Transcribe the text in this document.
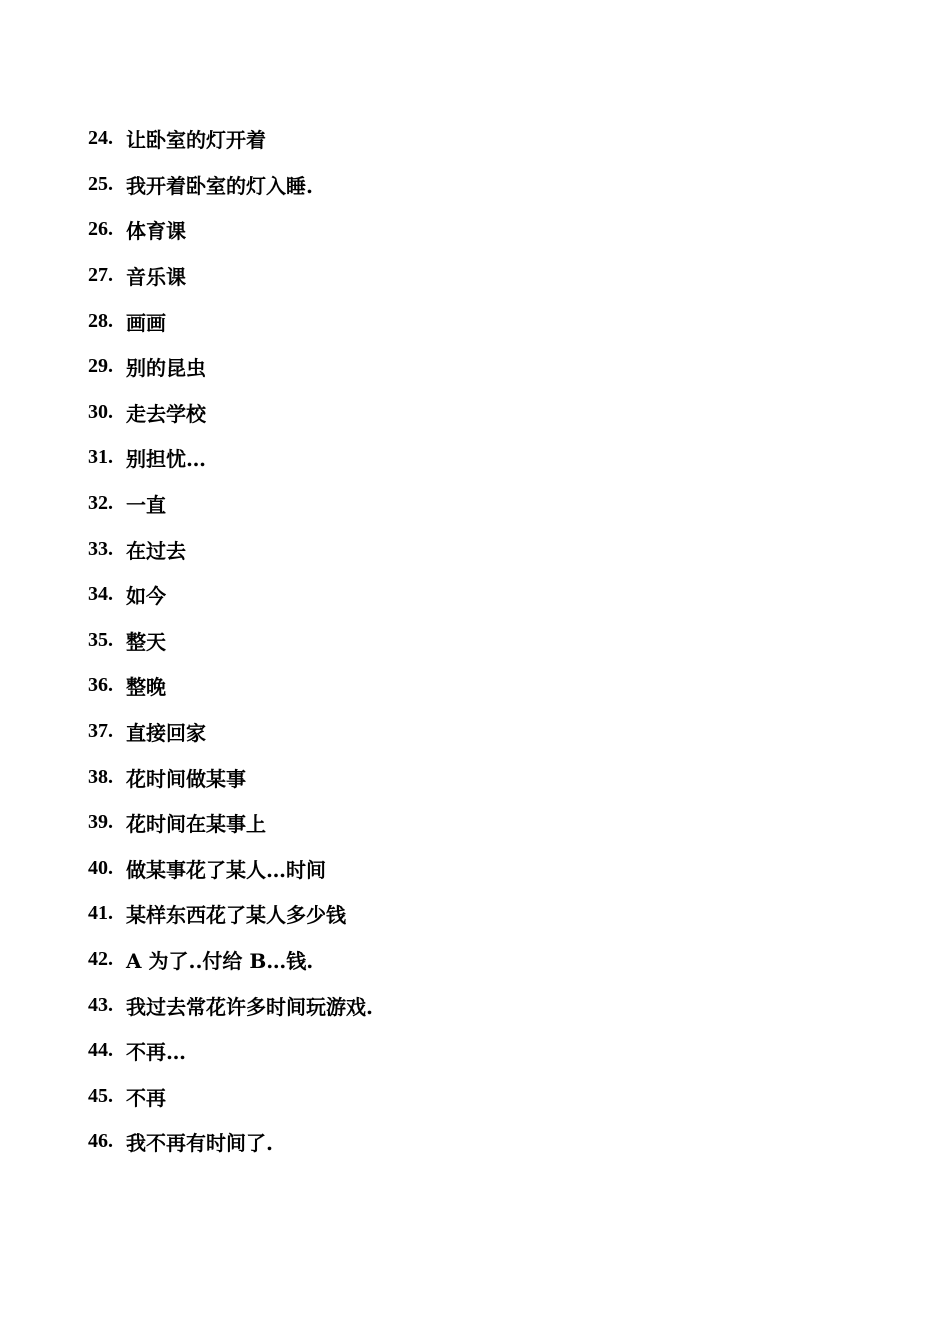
24. 让卧室的灯开着
25. 我开着卧室的灯入睡.
26. 体育课
27. 音乐课
28. 画画
29. 别的昆虫
30. 走去学校
31. 别担忧…
32. 一直
33. 在过去
34. 如今
35. 整天
36. 整晚
37. 直接回家
38. 花时间做某事
39. 花时间在某事上
40. 做某事花了某人…时间
41. 某样东西花了某人多少钱
42. A 为了..付给 B…钱.
43. 我过去常花许多时间玩游戏.
44. 不再…
45. 不再
46. 我不再有时间了.
